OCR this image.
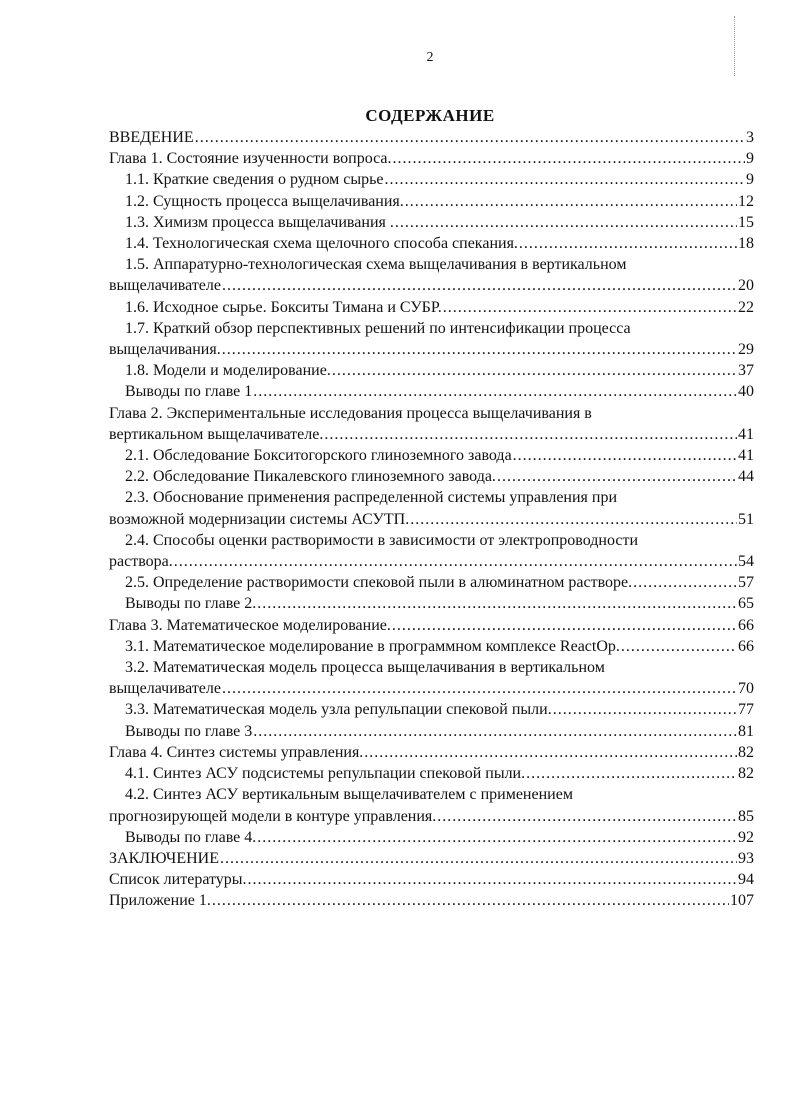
2
СОДЕРЖАНИЕ
ВВЕДЕНИЕ .....	3
Глава 1. Состояние изученности вопроса. .....	9
1.1. Краткие сведения о рудном сырье .....	9
1.2. Сущность процесса выщелачивания. .....	12
1.3. Химизм процесса выщелачивания . .....	15
1.4. Технологическая схема щелочного способа спекания. .....	18
1.5. Аппаратурно-технологическая схема выщелачивания в вертикальном
выщелачивателе .....	20
1.6. Исходное сырье. Бокситы Тимана и СУБР. .....	22
1.7. Краткий обзор перспективных решений по интенсификации процесса
выщелачивания. .....	29
1.8. Модели и моделирование. .....	37
Выводы по главе 1 .....	40
Глава 2. Экспериментальные исследования процесса выщелачивания в
вертикальном выщелачивателе. .....	41
2.1. Обследование Бокситогорского глиноземного завода .....	41
2.2. Обследование Пикалевского глиноземного завода. .....	44
2.3. Обоснование применения распределенной системы управления при
возможной модернизации системы АСУТП. .....	51
2.4. Способы оценки растворимости в зависимости от электропроводности
раствора. .....	54
2.5. Определение растворимости спековой пыли в алюминатном растворе. .....	57
Выводы по главе 2. .....	65
Глава 3. Математическое моделирование. .....	66
3.1. Математическое моделирование в программном комплексе ReactOp. .....	66
3.2. Математическая модель процесса выщелачивания в вертикальном
выщелачивателе .....	70
3.3. Математическая модель узла репульпации спековой пыли. .....	77
Выводы по главе 3 .....	81
Глава 4. Синтез системы управления. .....	82
4.1. Синтез АСУ подсистемы репульпации спековой пыли. .....	82
4.2. Синтез АСУ вертикальным выщелачивателем с применением
прогнозирующей модели в контуре управления. .....	85
Выводы по главе 4. .....	92
ЗАКЛЮЧЕНИЕ .....	93
Список литературы. .....	94
Приложение 1. .....	107
